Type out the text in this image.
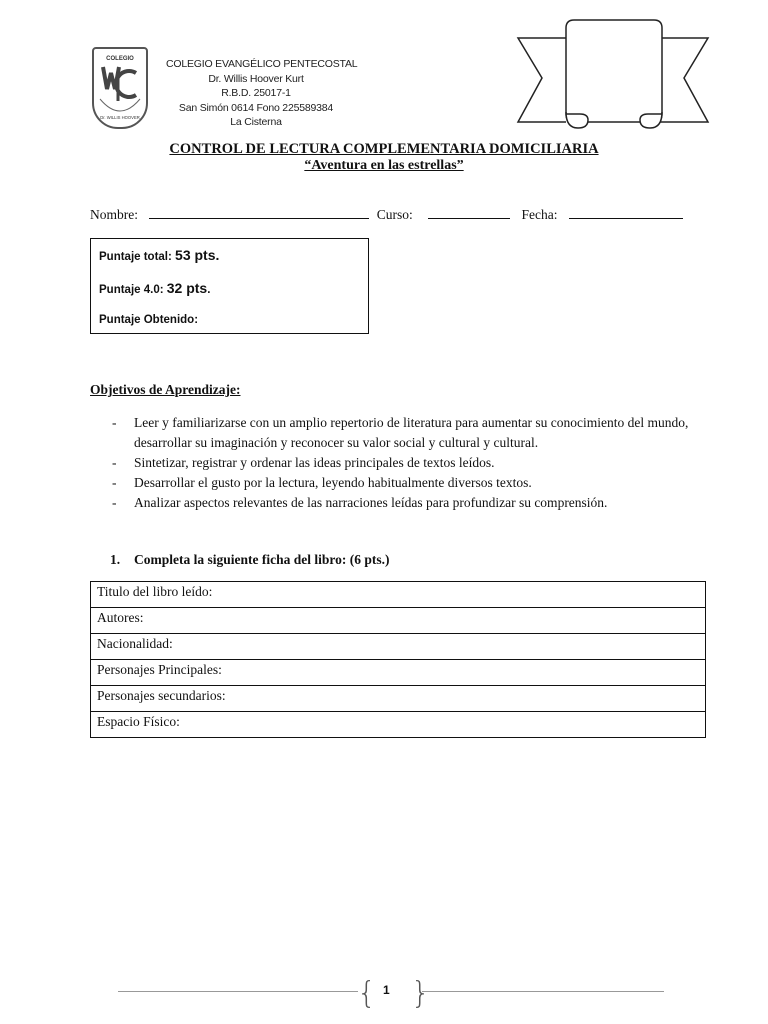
COLEGIO
Dr. WILLIS HOOVER
COLEGIO EVANGÉLICO PENTECOSTAL
Dr. Willis Hoover Kurt
R.B.D. 25017-1
San Simón 0614 Fono 225589384
La Cisterna
CONTROL DE LECTURA COMPLEMENTARIA DOMICILIARIA
“Aventura en las estrellas”
Nombre:	Curso:	Fecha:
Puntaje total: 53 pts.
Puntaje 4.0: 32 pts.
Puntaje Obtenido:
Objetivos de Aprendizaje:
- Leer y familiarizarse con un amplio repertorio de literatura para aumentar su conocimiento del mundo, desarrollar su imaginación y reconocer su valor social y cultural y cultural.
- Sintetizar, registrar y ordenar las ideas principales de textos leídos.
- Desarrollar el gusto por la lectura, leyendo habitualmente diversos textos.
- Analizar aspectos relevantes de las narraciones leídas para profundizar su comprensión.
1. Completa la siguiente ficha del libro: (6 pts.)
Titulo del libro leído:
Autores:
Nacionalidad:
Personajes Principales:
Personajes secundarios:
Espacio Físico:
{ }
1
